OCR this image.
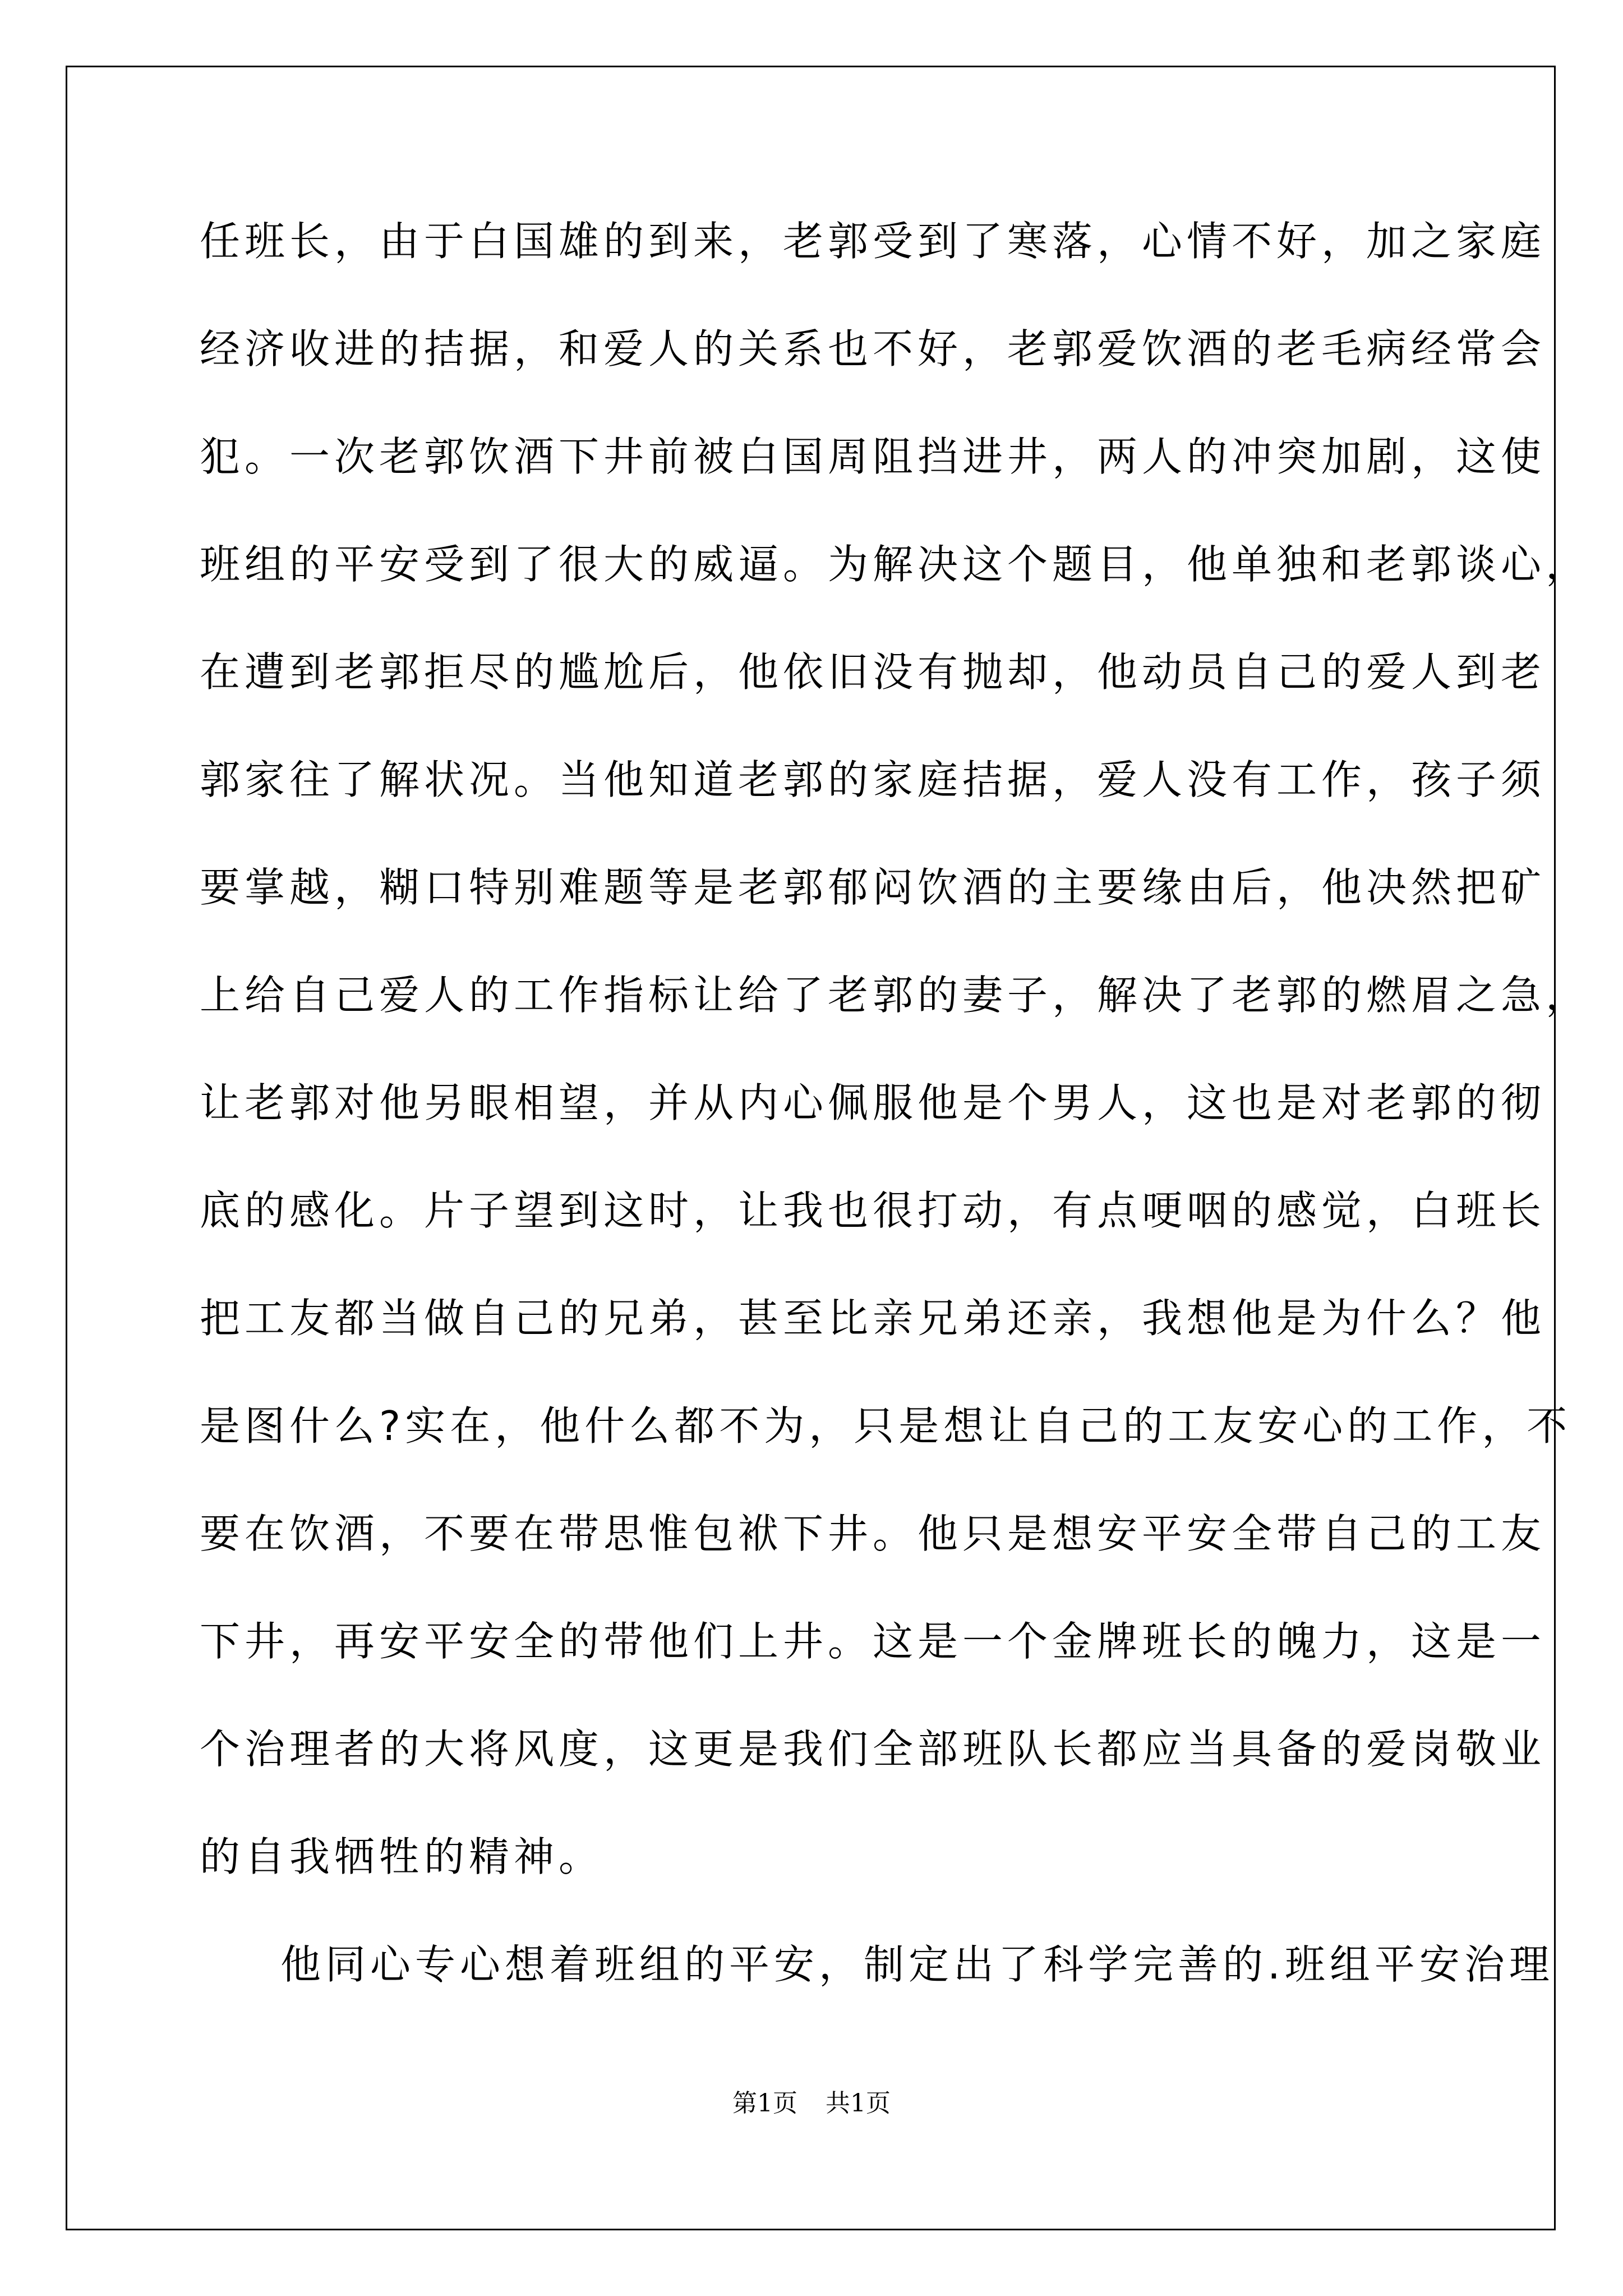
任班长，由于白国雄的到来，老郭受到了寒落，心情不好，加之家庭
经济收进的拮据，和爱人的关系也不好，老郭爱饮酒的老毛病经常会
犯。一次老郭饮酒下井前被白国周阻挡进井，两人的冲突加剧，这使
班组的平安受到了很大的威逼。为解决这个题目，他单独和老郭谈心，
在遭到老郭拒尽的尴尬后，他依旧没有抛却，他动员自己的爱人到老
郭家往了解状况。当他知道老郭的家庭拮据，爱人没有工作，孩子须
要掌越，糊口特别难题等是老郭郁闷饮酒的主要缘由后，他决然把矿
上给自己爱人的工作指标让给了老郭的妻子，解决了老郭的燃眉之急，
让老郭对他另眼相望，并从内心佩服他是个男人，这也是对老郭的彻
底的感化。片子望到这时，让我也很打动，有点哽咽的感觉，白班长
把工友都当做自己的兄弟，甚至比亲兄弟还亲，我想他是为什么？他
是图什么?实在，他什么都不为，只是想让自己的工友安心的工作，不
要在饮酒，不要在带思惟包袱下井。他只是想安平安全带自己的工友
下井，再安平安全的带他们上井。这是一个金牌班长的魄力，这是一
个治理者的大将风度，这更是我们全部班队长都应当具备的爱岗敬业
的自我牺牲的精神。
他同心专心想着班组的平安，制定出了科学完善的.班组平安治理
第1页 共1页
